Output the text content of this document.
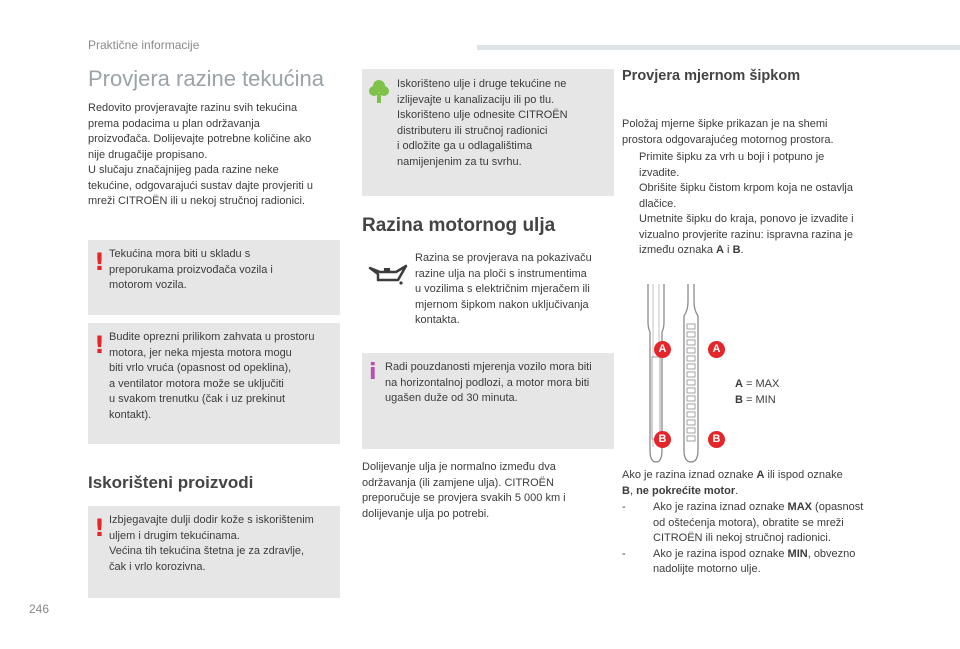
Praktične informacije
Provjera razine tekućina
Redovito provjeravajte razinu svih tekućina
prema podacima u plan održavanja
proizvođača. Dolijevajte potrebne količine ako
nije drugačije propisano.
U slučaju značajnijeg pada razine neke
tekućine, odgovarajući sustav dajte provjeriti u
mreži CITROËN ili u nekoj stručnoj radionici.
! Tekućina mora biti u skladu s
preporukama proizvođača vozila i
motorom vozila.
! Budite oprezni prilikom zahvata u prostoru
motora, jer neka mjesta motora mogu
biti vrlo vruća (opasnost od opeklina),
a ventilator motora može se uključiti
u svakom trenutku (čak i uz prekinut
kontakt).
Iskorišteni proizvodi
! Izbjegavajte dulji dodir kože s iskorištenim
uljem i drugim tekućinama.
Većina tih tekućina štetna je za zdravlje,
čak i vrlo korozivna.
Iskorišteno ulje i druge tekućine ne
izlijevajte u kanalizaciju ili po tlu.
Iskorišteno ulje odnesite CITROËN
distributeru ili stručnoj radionici
i odložite ga u odlagalištima
namijenjenim za tu svrhu.
Razina motornog ulja
Razina se provjerava na pokazivaču
razine ulja na ploči s instrumentima
u vozilima s električnim mjeračem ili
mjernom šipkom nakon uključivanja
kontakta.
i Radi pouzdanosti mjerenja vozilo mora biti
na horizontalnoj podlozi, a motor mora biti
ugašen duže od 30 minuta.
Dolijevanje ulja je normalno između dva
održavanja (ili zamjene ulja). CITROËN
preporučuje se provjera svakih 5 000 km i
dolijevanje ulja po potrebi.
Provjera mjernom šipkom
Položaj mjerne šipke prikazan je na shemi
prostora odgovarajućeg motornog prostora.
Primite šipku za vrh u boji i potpuno je
izvadite.
Obrišite šipku čistom krpom koja ne ostavlja
dlačice.
Umetnite šipku do kraja, ponovo je izvadite i
vizualno provjerite razinu: ispravna razina je
između oznaka A i B.
A	A
B	B
A = MAX
B = MIN
Ako je razina iznad oznake A ili ispod oznake
B, ne pokrećite motor.
- Ako je razina iznad oznake MAX (opasnost
od oštećenja motora), obratite se mreži
CITROËN ili nekoj stručnoj radionici.
- Ako je razina ispod oznake MIN, obvezno
nadolijte motorno ulje.
246
